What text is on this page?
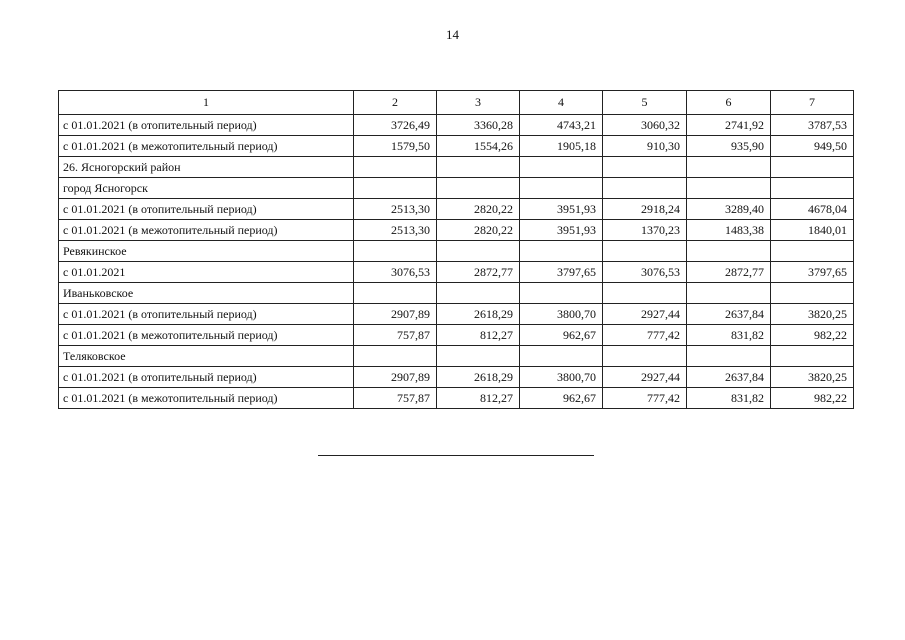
14
1	2	3	4	5	6	7
с 01.01.2021 (в отопительный период)	3726,49	3360,28	4743,21	3060,32	2741,92	3787,53
с 01.01.2021 (в межотопительный период)	1579,50	1554,26	1905,18	910,30	935,90	949,50
26. Ясногорский район						
город Ясногорск						
с 01.01.2021 (в отопительный период)	2513,30	2820,22	3951,93	2918,24	3289,40	4678,04
с 01.01.2021 (в межотопительный период)	2513,30	2820,22	3951,93	1370,23	1483,38	1840,01
Ревякинское						
с 01.01.2021	3076,53	2872,77	3797,65	3076,53	2872,77	3797,65
Иваньковское						
с 01.01.2021 (в отопительный период)	2907,89	2618,29	3800,70	2927,44	2637,84	3820,25
с 01.01.2021 (в межотопительный период)	757,87	812,27	962,67	777,42	831,82	982,22
Теляковское						
с 01.01.2021 (в отопительный период)	2907,89	2618,29	3800,70	2927,44	2637,84	3820,25
с 01.01.2021 (в межотопительный период)	757,87	812,27	962,67	777,42	831,82	982,22
